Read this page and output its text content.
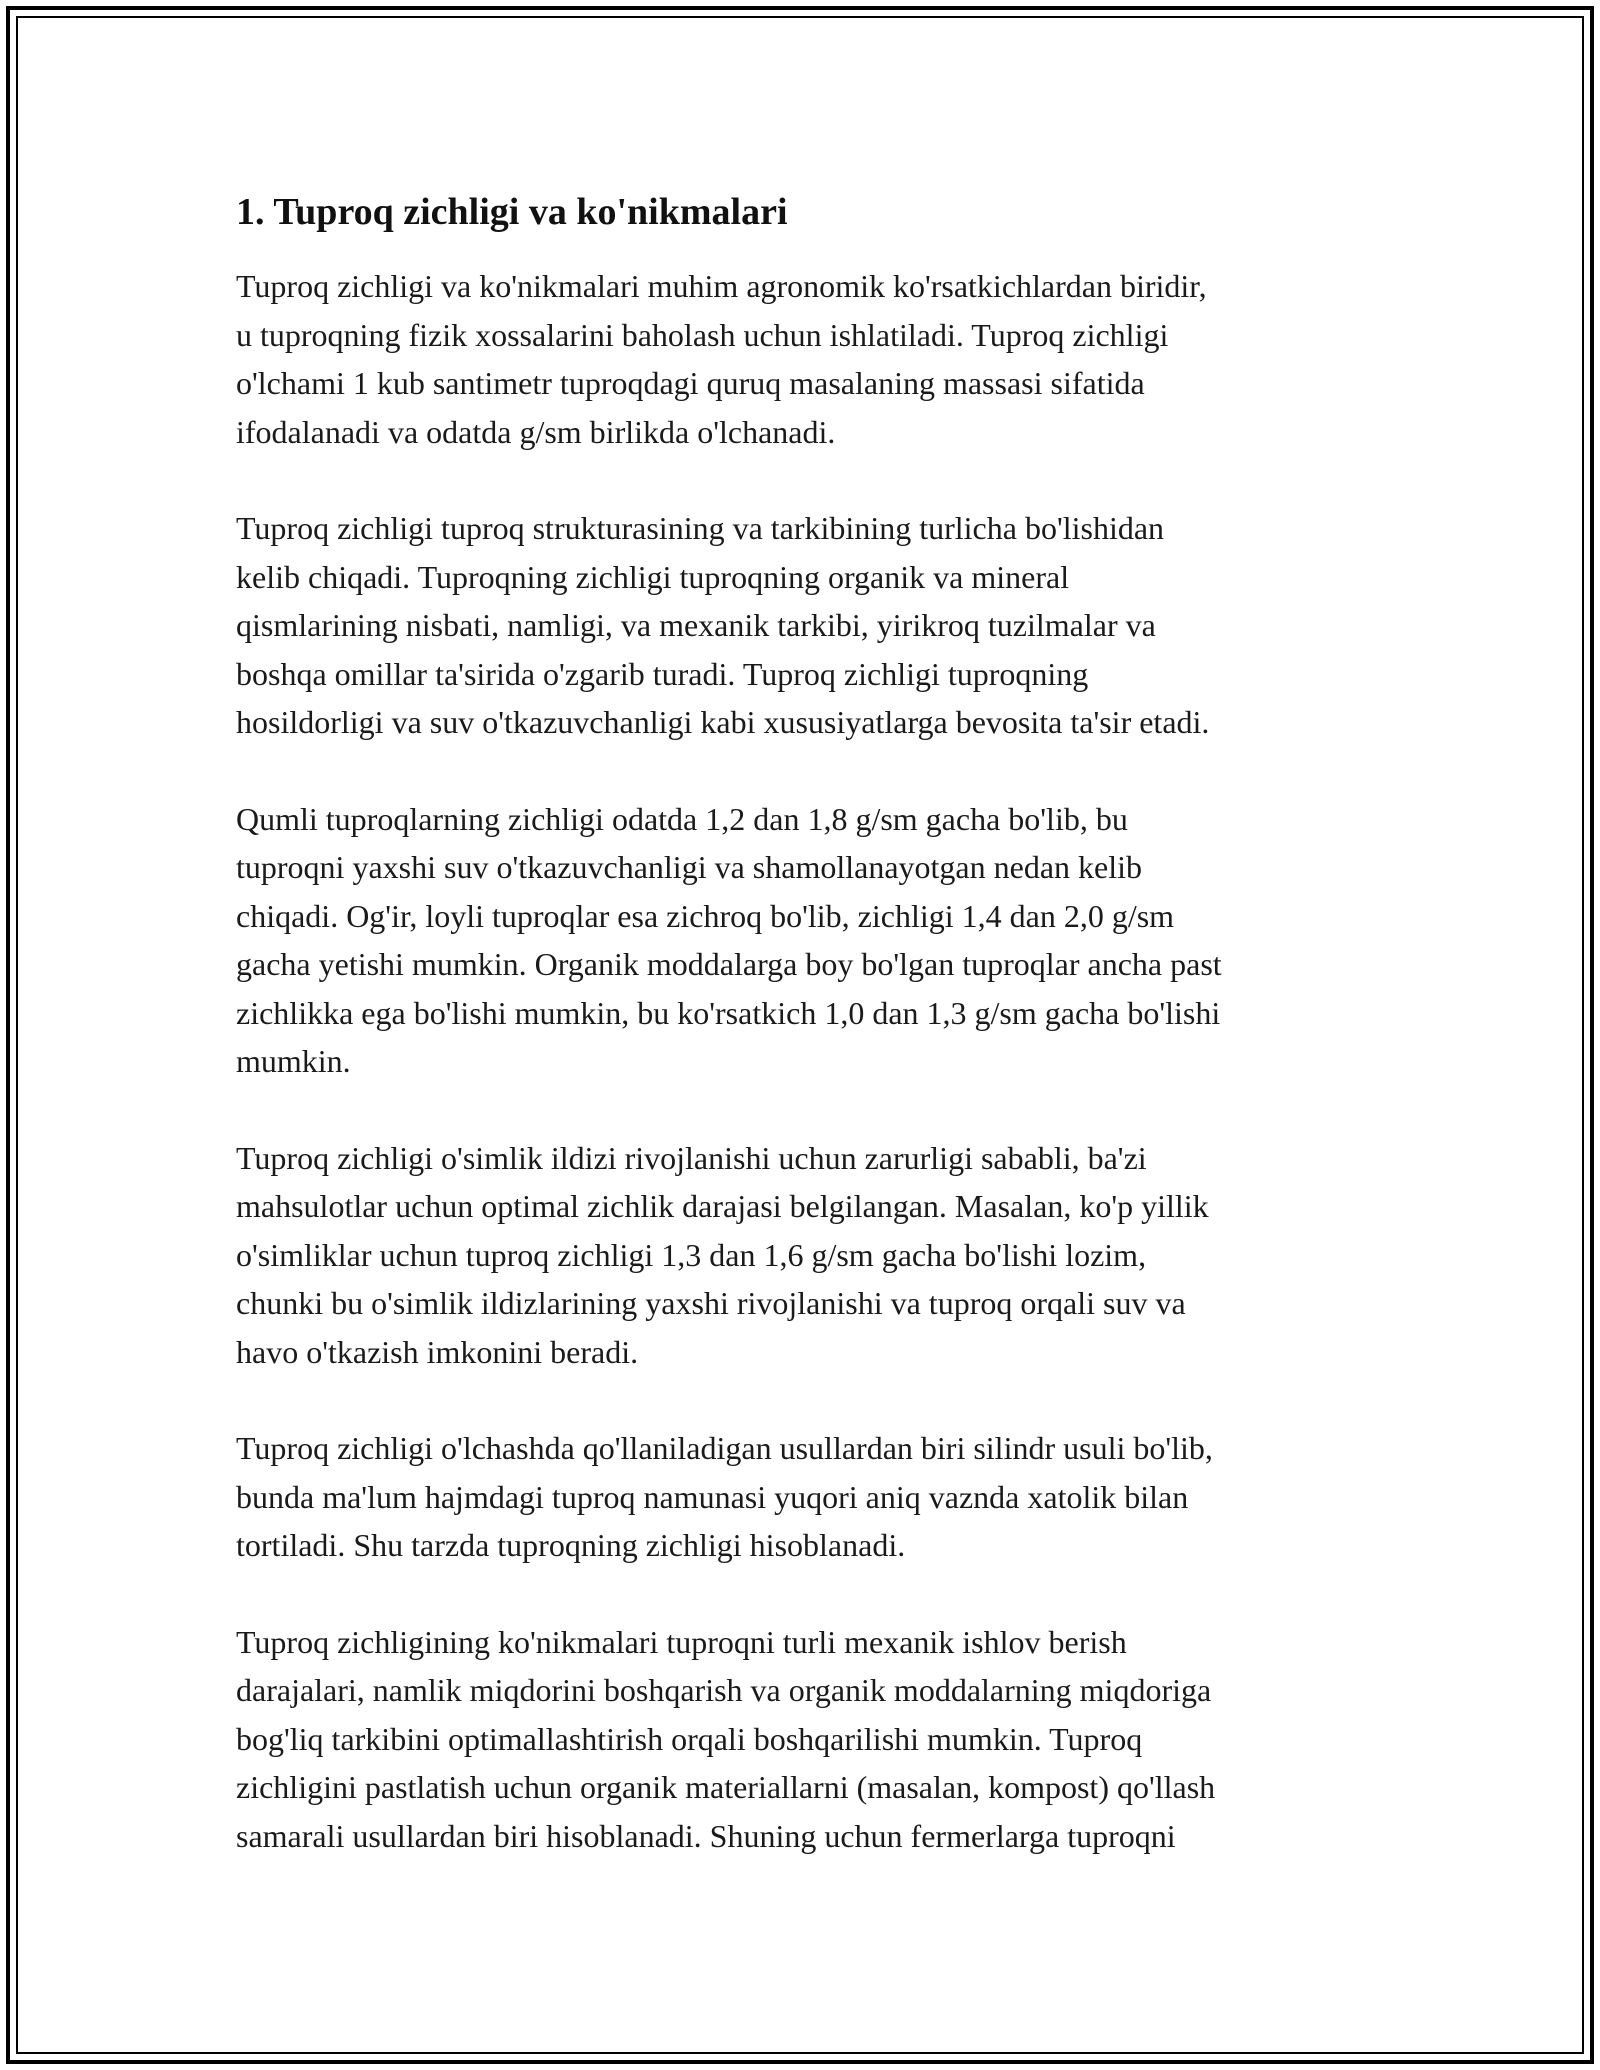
1. Tuproq zichligi va ko'nikmalari

Tuproq zichligi va ko'nikmalari muhim agronomik ko'rsatkichlardan biridir,
u tuproqning fizik xossalarini baholash uchun ishlatiladi. Tuproq zichligi
o'lchami 1 kub santimetr tuproqdagi quruq masalaning massasi sifatida
ifodalanadi va odatda g/sm birlikda o'lchanadi.

Tuproq zichligi tuproq strukturasining va tarkibining turlicha bo'lishidan
kelib chiqadi. Tuproqning zichligi tuproqning organik va mineral
qismlarining nisbati, namligi, va mexanik tarkibi, yirikroq tuzilmalar va
boshqa omillar ta'sirida o'zgarib turadi. Tuproq zichligi tuproqning
hosildorligi va suv o'tkazuvchanligi kabi xususiyatlarga bevosita ta'sir etadi.

Qumli tuproqlarning zichligi odatda 1,2 dan 1,8 g/sm gacha bo'lib, bu
tuproqni yaxshi suv o'tkazuvchanligi va shamollanayotgan nedan kelib
chiqadi. Og'ir, loyli tuproqlar esa zichroq bo'lib, zichligi 1,4 dan 2,0 g/sm
gacha yetishi mumkin. Organik moddalarga boy bo'lgan tuproqlar ancha past
zichlikka ega bo'lishi mumkin, bu ko'rsatkich 1,0 dan 1,3 g/sm gacha bo'lishi
mumkin.

Tuproq zichligi o'simlik ildizi rivojlanishi uchun zarurligi sababli, ba'zi
mahsulotlar uchun optimal zichlik darajasi belgilangan. Masalan, ko'p yillik
o'simliklar uchun tuproq zichligi 1,3 dan 1,6 g/sm gacha bo'lishi lozim,
chunki bu o'simlik ildizlarining yaxshi rivojlanishi va tuproq orqali suv va
havo o'tkazish imkonini beradi.

Tuproq zichligi o'lchashda qo'llaniladigan usullardan biri silindr usuli bo'lib,
bunda ma'lum hajmdagi tuproq namunasi yuqori aniq vaznda xatolik bilan
tortiladi. Shu tarzda tuproqning zichligi hisoblanadi.

Tuproq zichligining ko'nikmalari tuproqni turli mexanik ishlov berish
darajalari, namlik miqdorini boshqarish va organik moddalarning miqdoriga
bog'liq tarkibini optimallashtirish orqali boshqarilishi mumkin. Tuproq
zichligini pastlatish uchun organik materiallarni (masalan, kompost) qo'llash
samarali usullardan biri hisoblanadi. Shuning uchun fermerlarga tuproqni
